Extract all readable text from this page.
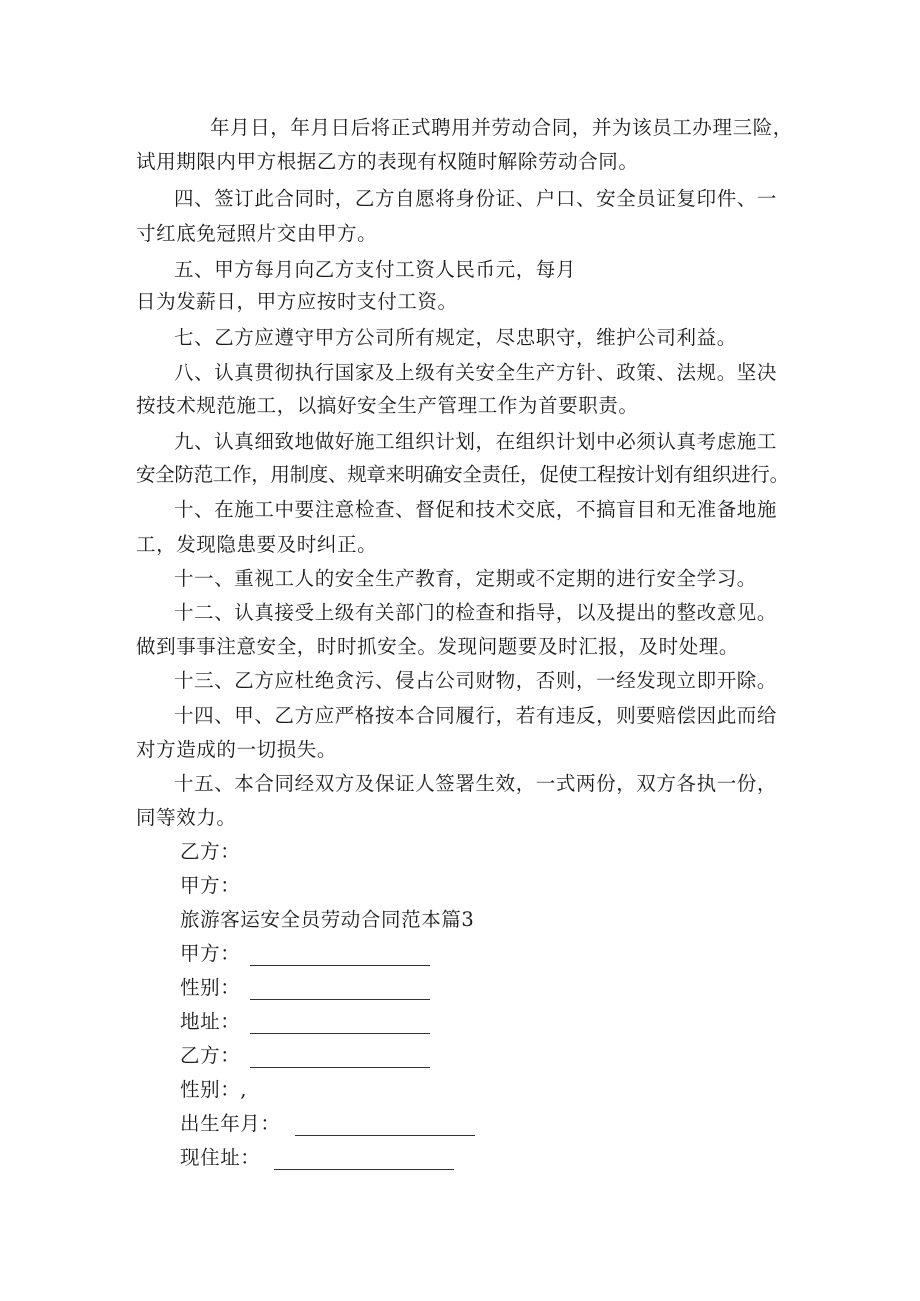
年月日，年月日后将正式聘用并劳动合同，并为该员工办理三险，
试用期限内甲方根据乙方的表现有权随时解除劳动合同。
四、签订此合同时，乙方自愿将身份证、户口、安全员证复印件、一
寸红底免冠照片交由甲方。
五、甲方每月向乙方支付工资人民币元，每月
日为发薪日，甲方应按时支付工资。
七、乙方应遵守甲方公司所有规定，尽忠职守，维护公司利益。
八、认真贯彻执行国家及上级有关安全生产方针、政策、法规。坚决
按技术规范施工，以搞好安全生产管理工作为首要职责。
九、认真细致地做好施工组织计划，在组织计划中必须认真考虑施工
安全防范工作，用制度、规章来明确安全责任，促使工程按计划有组织进行。
十、在施工中要注意检查、督促和技术交底，不搞盲目和无准备地施
工，发现隐患要及时纠正。
十一、重视工人的安全生产教育，定期或不定期的进行安全学习。
十二、认真接受上级有关部门的检查和指导，以及提出的整改意见。
做到事事注意安全，时时抓安全。发现问题要及时汇报，及时处理。
十三、乙方应杜绝贪污、侵占公司财物，否则，一经发现立即开除。
十四、甲、乙方应严格按本合同履行，若有违反，则要赔偿因此而给
对方造成的一切损失。
十五、本合同经双方及保证人签署生效，一式两份，双方各执一份，
同等效力。
乙方：
甲方：
旅游客运安全员劳动合同范本篇3
甲方：
性别：
地址：
乙方：
性别：,
出生年月：
现住址：
